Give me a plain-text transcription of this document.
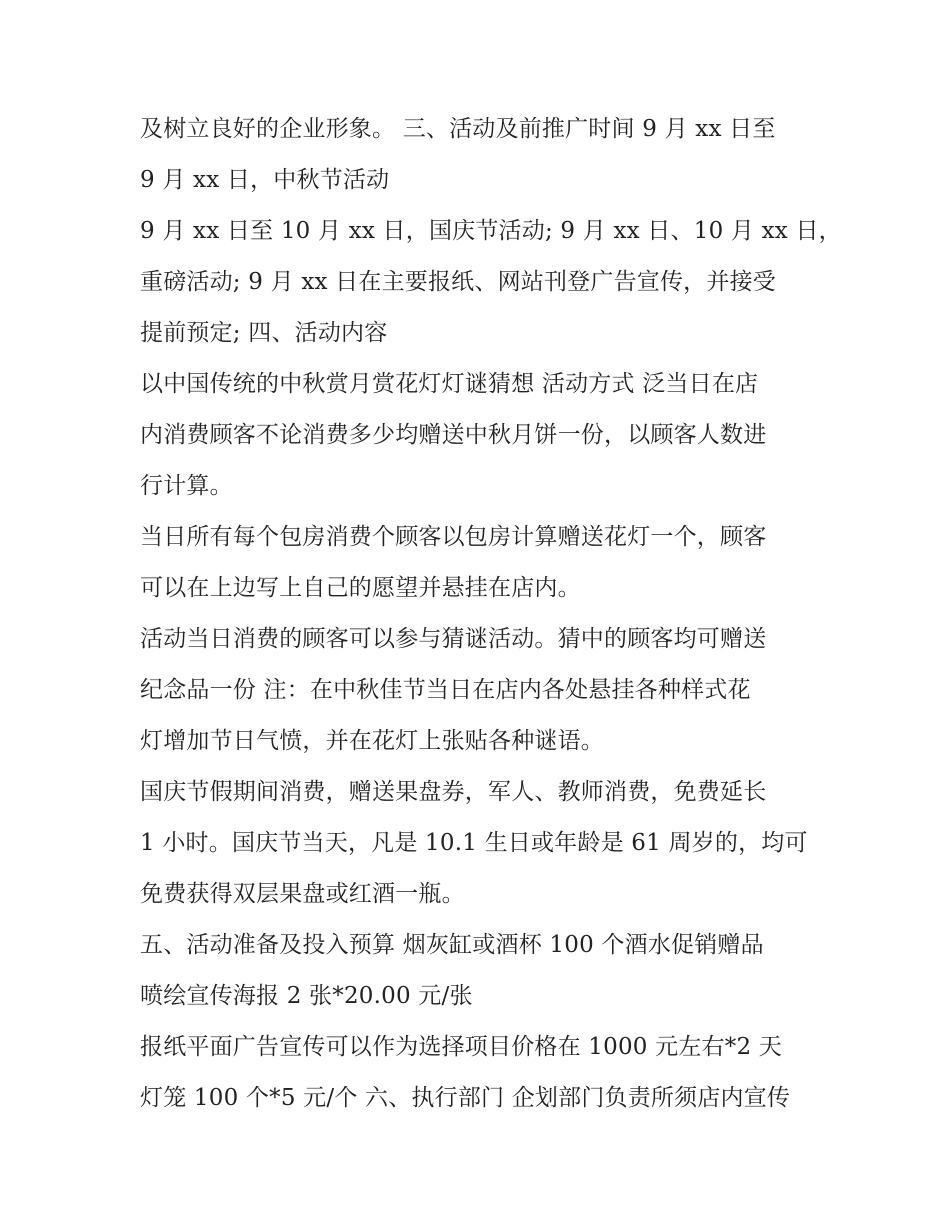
及树立良好的企业形象。 三、活动及前推广时间 9 月 xx 日至
9 月 xx 日，中秋节活动
9 月 xx 日至 10 月 xx 日，国庆节活动; 9 月 xx 日、10 月 xx 日，
重磅活动; 9 月 xx 日在主要报纸、网站刊登广告宣传，并接受
提前预定; 四、活动内容
以中国传统的中秋赏月赏花灯灯谜猜想 活动方式 泛当日在店
内消费顾客不论消费多少均赠送中秋月饼一份，以顾客人数进
行计算。
当日所有每个包房消费个顾客以包房计算赠送花灯一个，顾客
可以在上边写上自己的愿望并悬挂在店内。
活动当日消费的顾客可以参与猜谜活动。猜中的顾客均可赠送
纪念品一份 注：在中秋佳节当日在店内各处悬挂各种样式花
灯增加节日气愤，并在花灯上张贴各种谜语。
国庆节假期间消费，赠送果盘券，军人、教师消费，免费延长
1 小时。国庆节当天，凡是 10.1 生日或年龄是 61 周岁的，均可
免费获得双层果盘或红酒一瓶。
五、活动准备及投入预算 烟灰缸或酒杯 100 个酒水促销赠品
喷绘宣传海报 2 张*20.00 元/张
报纸平面广告宣传可以作为选择项目价格在 1000 元左右*2 天
灯笼 100 个*5 元/个 六、执行部门 企划部门负责所须店内宣传
